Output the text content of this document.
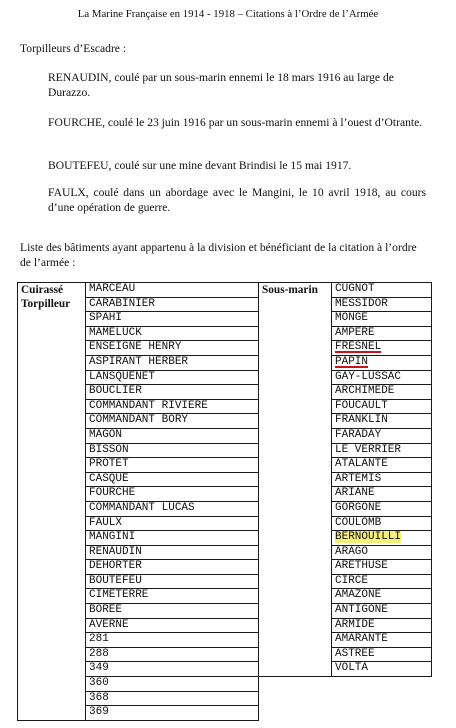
La Marine Française en 1914 - 1918 – Citations à l’Ordre de l’Armée
Torpilleurs d’Escadre :
RENAUDIN, coulé par un sous-marin ennemi le 18 mars 1916 au large de Durazzo.
FOURCHE, coulé le 23 juin 1916 par un sous-marin ennemi à l’ouest d’Otrante.
BOUTEFEU, coulé sur une mine devant Brindisi le 15 mai 1917.
FAULX, coulé dans un abordage avec le Mangini, le 10 avril 1918, au cours d’une opération de guerre.
Liste des bâtiments ayant appartenu à la division et bénéficiant de la citation à l’ordre de l’armée :
Cuirassé	MARCEAU	Sous-marin	CUGNOT
Torpilleur	CARABINIER		MESSIDOR
	SPAHI		MONGE
	MAMELUCK		AMPERE
	ENSEIGNE HENRY		FRESNEL
	ASPIRANT HERBER		PAPIN
	LANSQUENET		GAY-LUSSAC
	BOUCLIER		ARCHIMEDE
	COMMANDANT RIVIERE		FOUCAULT
	COMMANDANT BORY		FRANKLIN
	MAGON		FARADAY
	BISSON		LE VERRIER
	PROTET		ATALANTE
	CASQUE		ARTEMIS
	FOURCHE		ARIANE
	COMMANDANT LUCAS		GORGONE
	FAULX		COULOMB
	MANGINI		BERNOUILLI
	RENAUDIN		ARAGO
	DEHORTER		ARETHUSE
	BOUTEFEU		CIRCE
	CIMETERRE		AMAZONE
	BOREE		ANTIGONE
	AVERNE		ARMIDE
	281		AMARANTE
	288		ASTREE
	349		VOLTA
	360		
	368		
	369		
